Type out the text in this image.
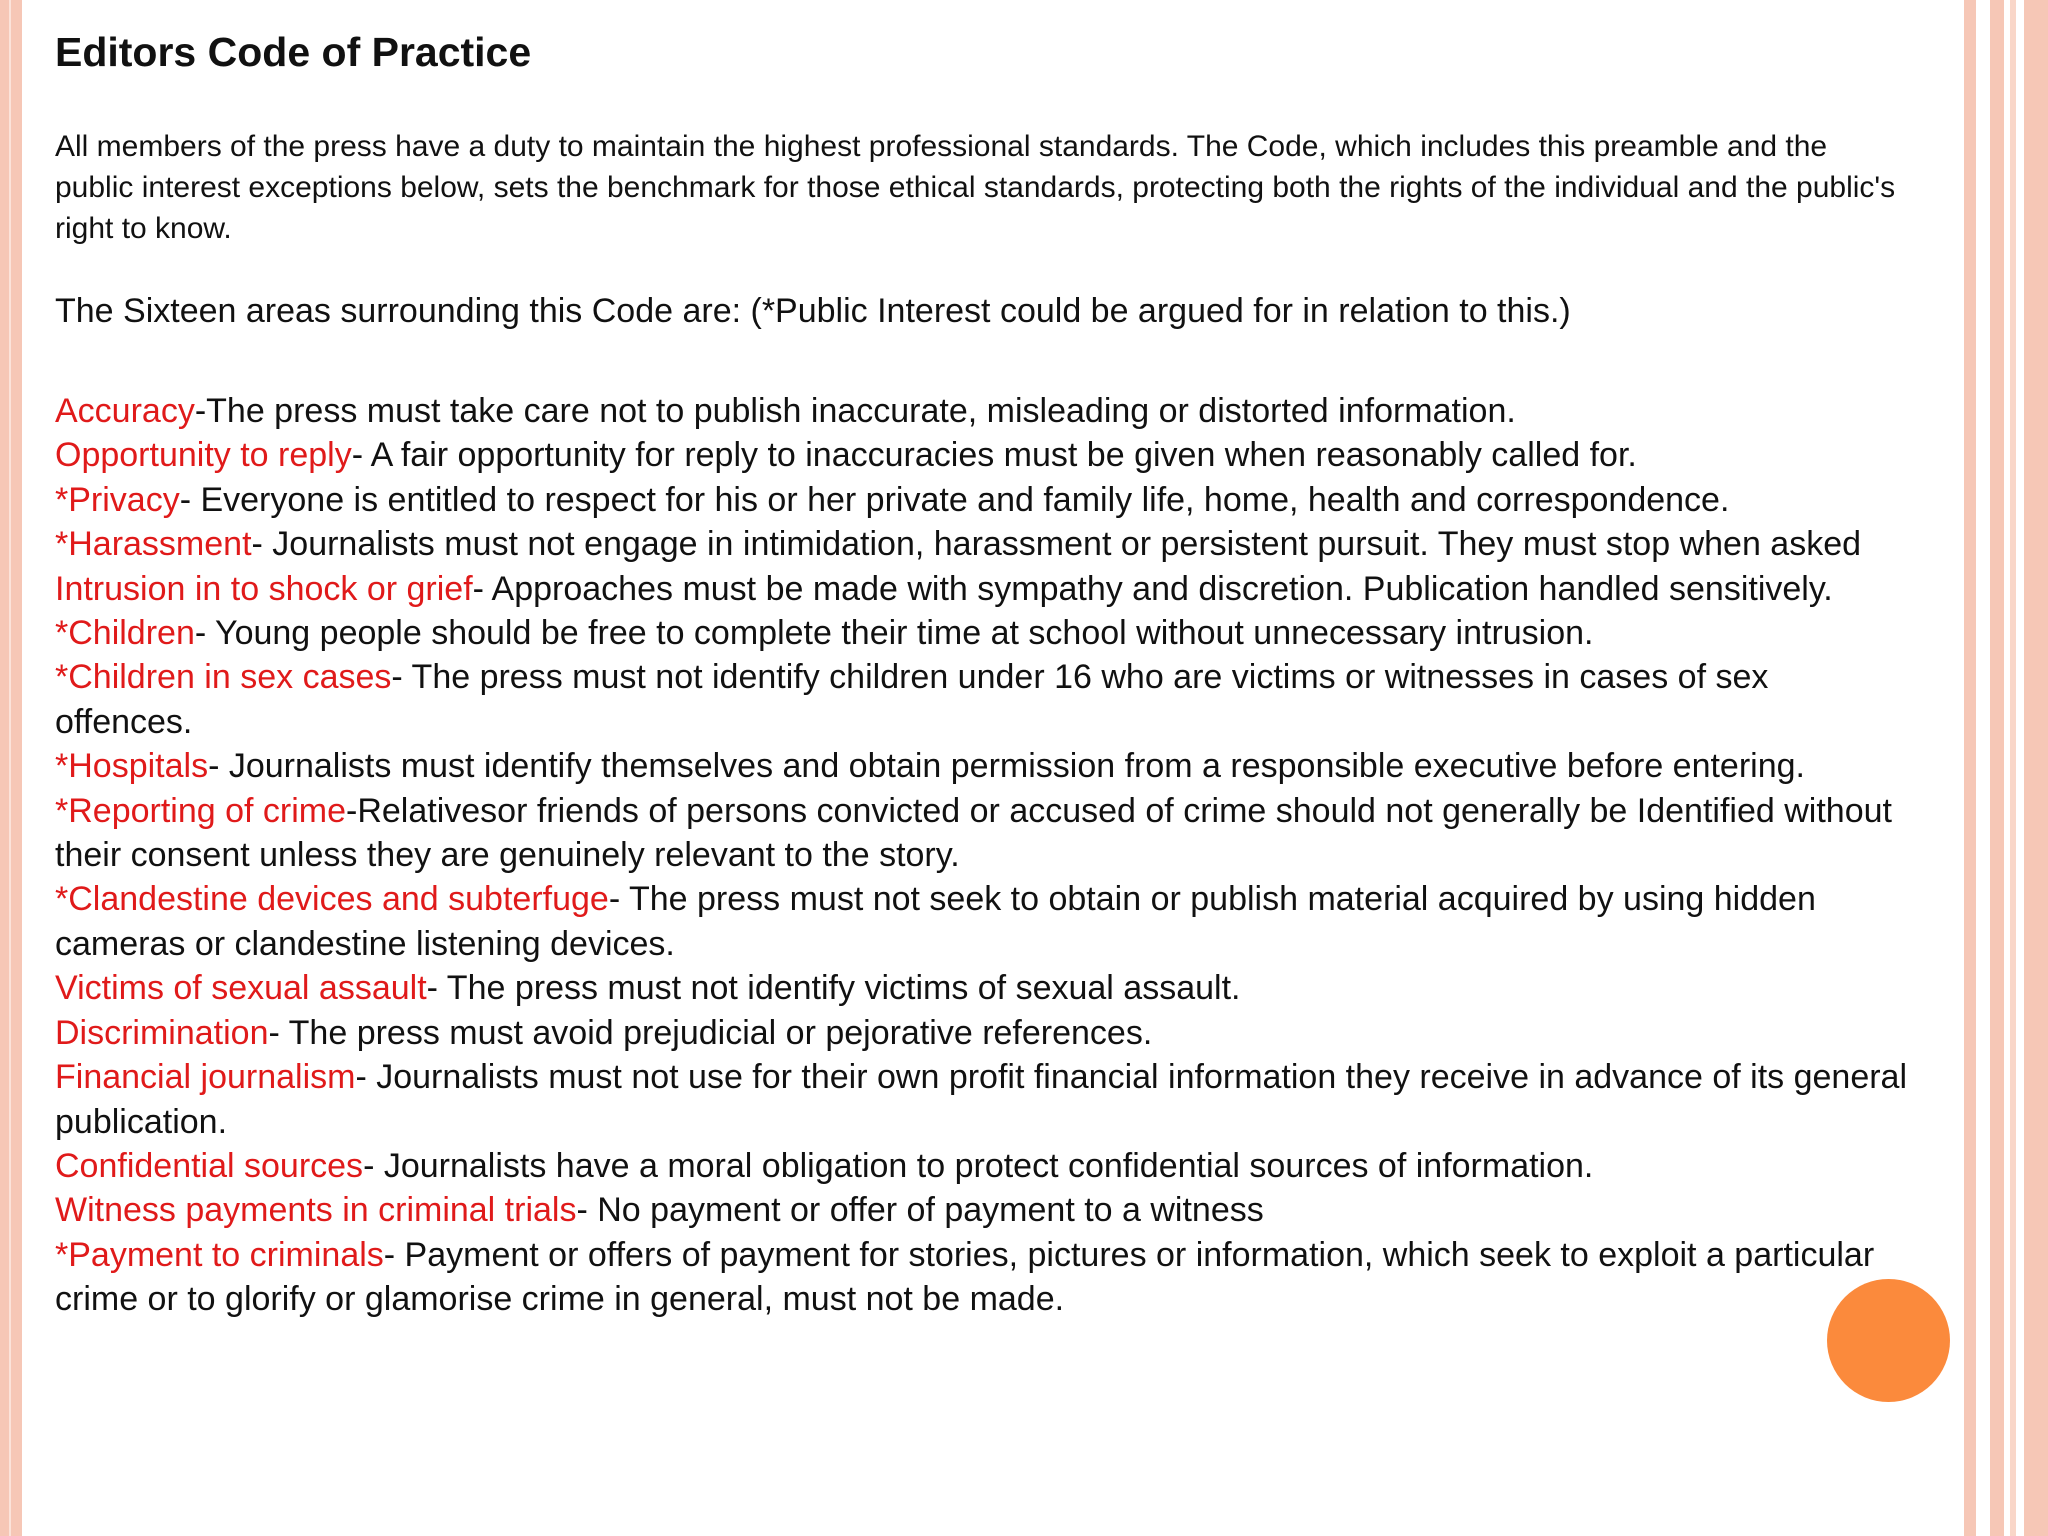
Editors Code of Practice
All members of the press have a duty to maintain the highest professional standards. The Code, which includes this preamble and the public interest exceptions below, sets the benchmark for those ethical standards, protecting both the rights of the individual and the public's right to know.
The Sixteen areas surrounding this Code are: (*Public Interest could be argued for in relation to this.)

Accuracy-The press must take care not to publish inaccurate, misleading or distorted information.

Opportunity to reply- A fair opportunity for reply to inaccuracies must be given when reasonably called for.

*Privacy- Everyone is entitled to respect for his or her private and family life, home, health and correspondence.

*Harassment- Journalists must not engage in intimidation, harassment or persistent pursuit. They must stop when asked

Intrusion in to shock or grief- Approaches must be made with sympathy and discretion. Publication handled sensitively.

*Children- Young people should be free to complete their time at school without unnecessary intrusion.

*Children in sex cases- The press must not identify children under 16 who are victims or witnesses in cases of sex offences.

*Hospitals- Journalists must identify themselves and obtain permission from a responsible executive before entering.

*Reporting of crime-Relativesor friends of persons convicted or accused of crime should not generally be Identified without their consent unless they are genuinely relevant to the story.

*Clandestine devices and subterfuge- The press must not seek to obtain or publish material acquired by using hidden cameras or clandestine listening devices.

Victims of sexual assault- The press must not identify victims of sexual assault.

Discrimination- The press must avoid prejudicial or pejorative references.

Financial journalism- Journalists must not use for their own profit financial information they receive in advance of its general publication.

Confidential sources- Journalists have a moral obligation to protect confidential sources of information.

Witness payments in criminal trials- No payment or offer of payment to a witness

*Payment to criminals- Payment or offers of payment for stories, pictures or information, which seek to exploit a particular crime or to glorify or glamorise crime in general, must not be made.
